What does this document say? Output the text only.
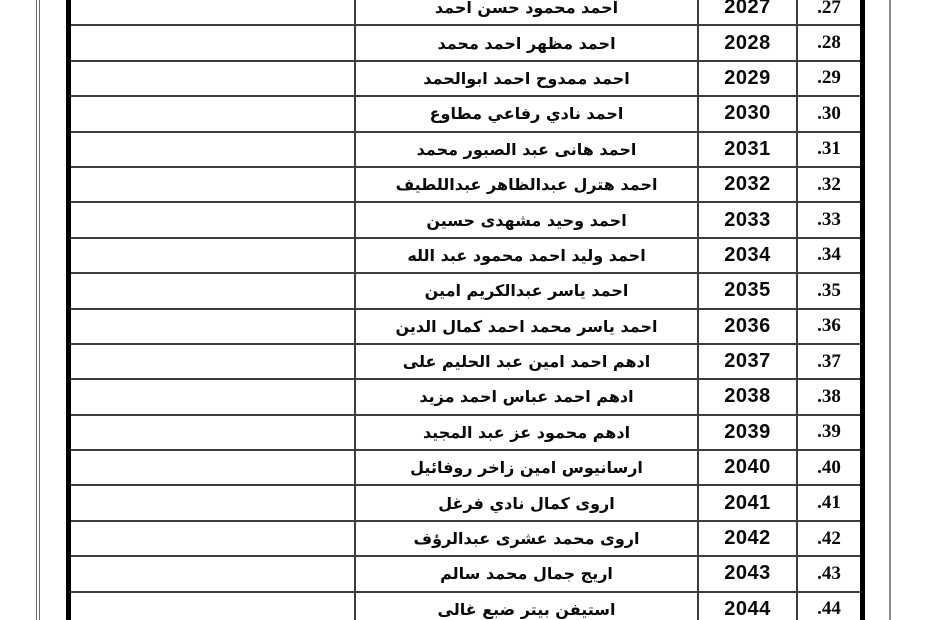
احمد محمود حسن احمد	2027	.27
احمد مظهر احمد محمد	2028	.28
احمد ممدوح احمد ابوالحمد	2029	.29
احمد نادي رفاعي مطاوع	2030	.30
احمد هانى عبد الصبور محمد	2031	.31
احمد هترل عبدالظاهر عبداللطيف	2032	.32
احمد وحيد مشهدى حسين	2033	.33
احمد وليد احمد محمود عبد الله	2034	.34
احمد ياسر عبدالكريم امين	2035	.35
احمد ياسر محمد احمد كمال الدين	2036	.36
ادهم احمد امين عبد الحليم على	2037	.37
ادهم احمد عباس احمد مزيد	2038	.38
ادهم محمود عز عبد المجيد	2039	.39
ارسانيوس امين زاخر روفائيل	2040	.40
اروى كمال نادي فرغل	2041	.41
اروى محمد عشرى عبدالرؤف	2042	.42
اريج جمال محمد سالم	2043	.43
استيفن بيتر ضبع غالى	2044	.44
